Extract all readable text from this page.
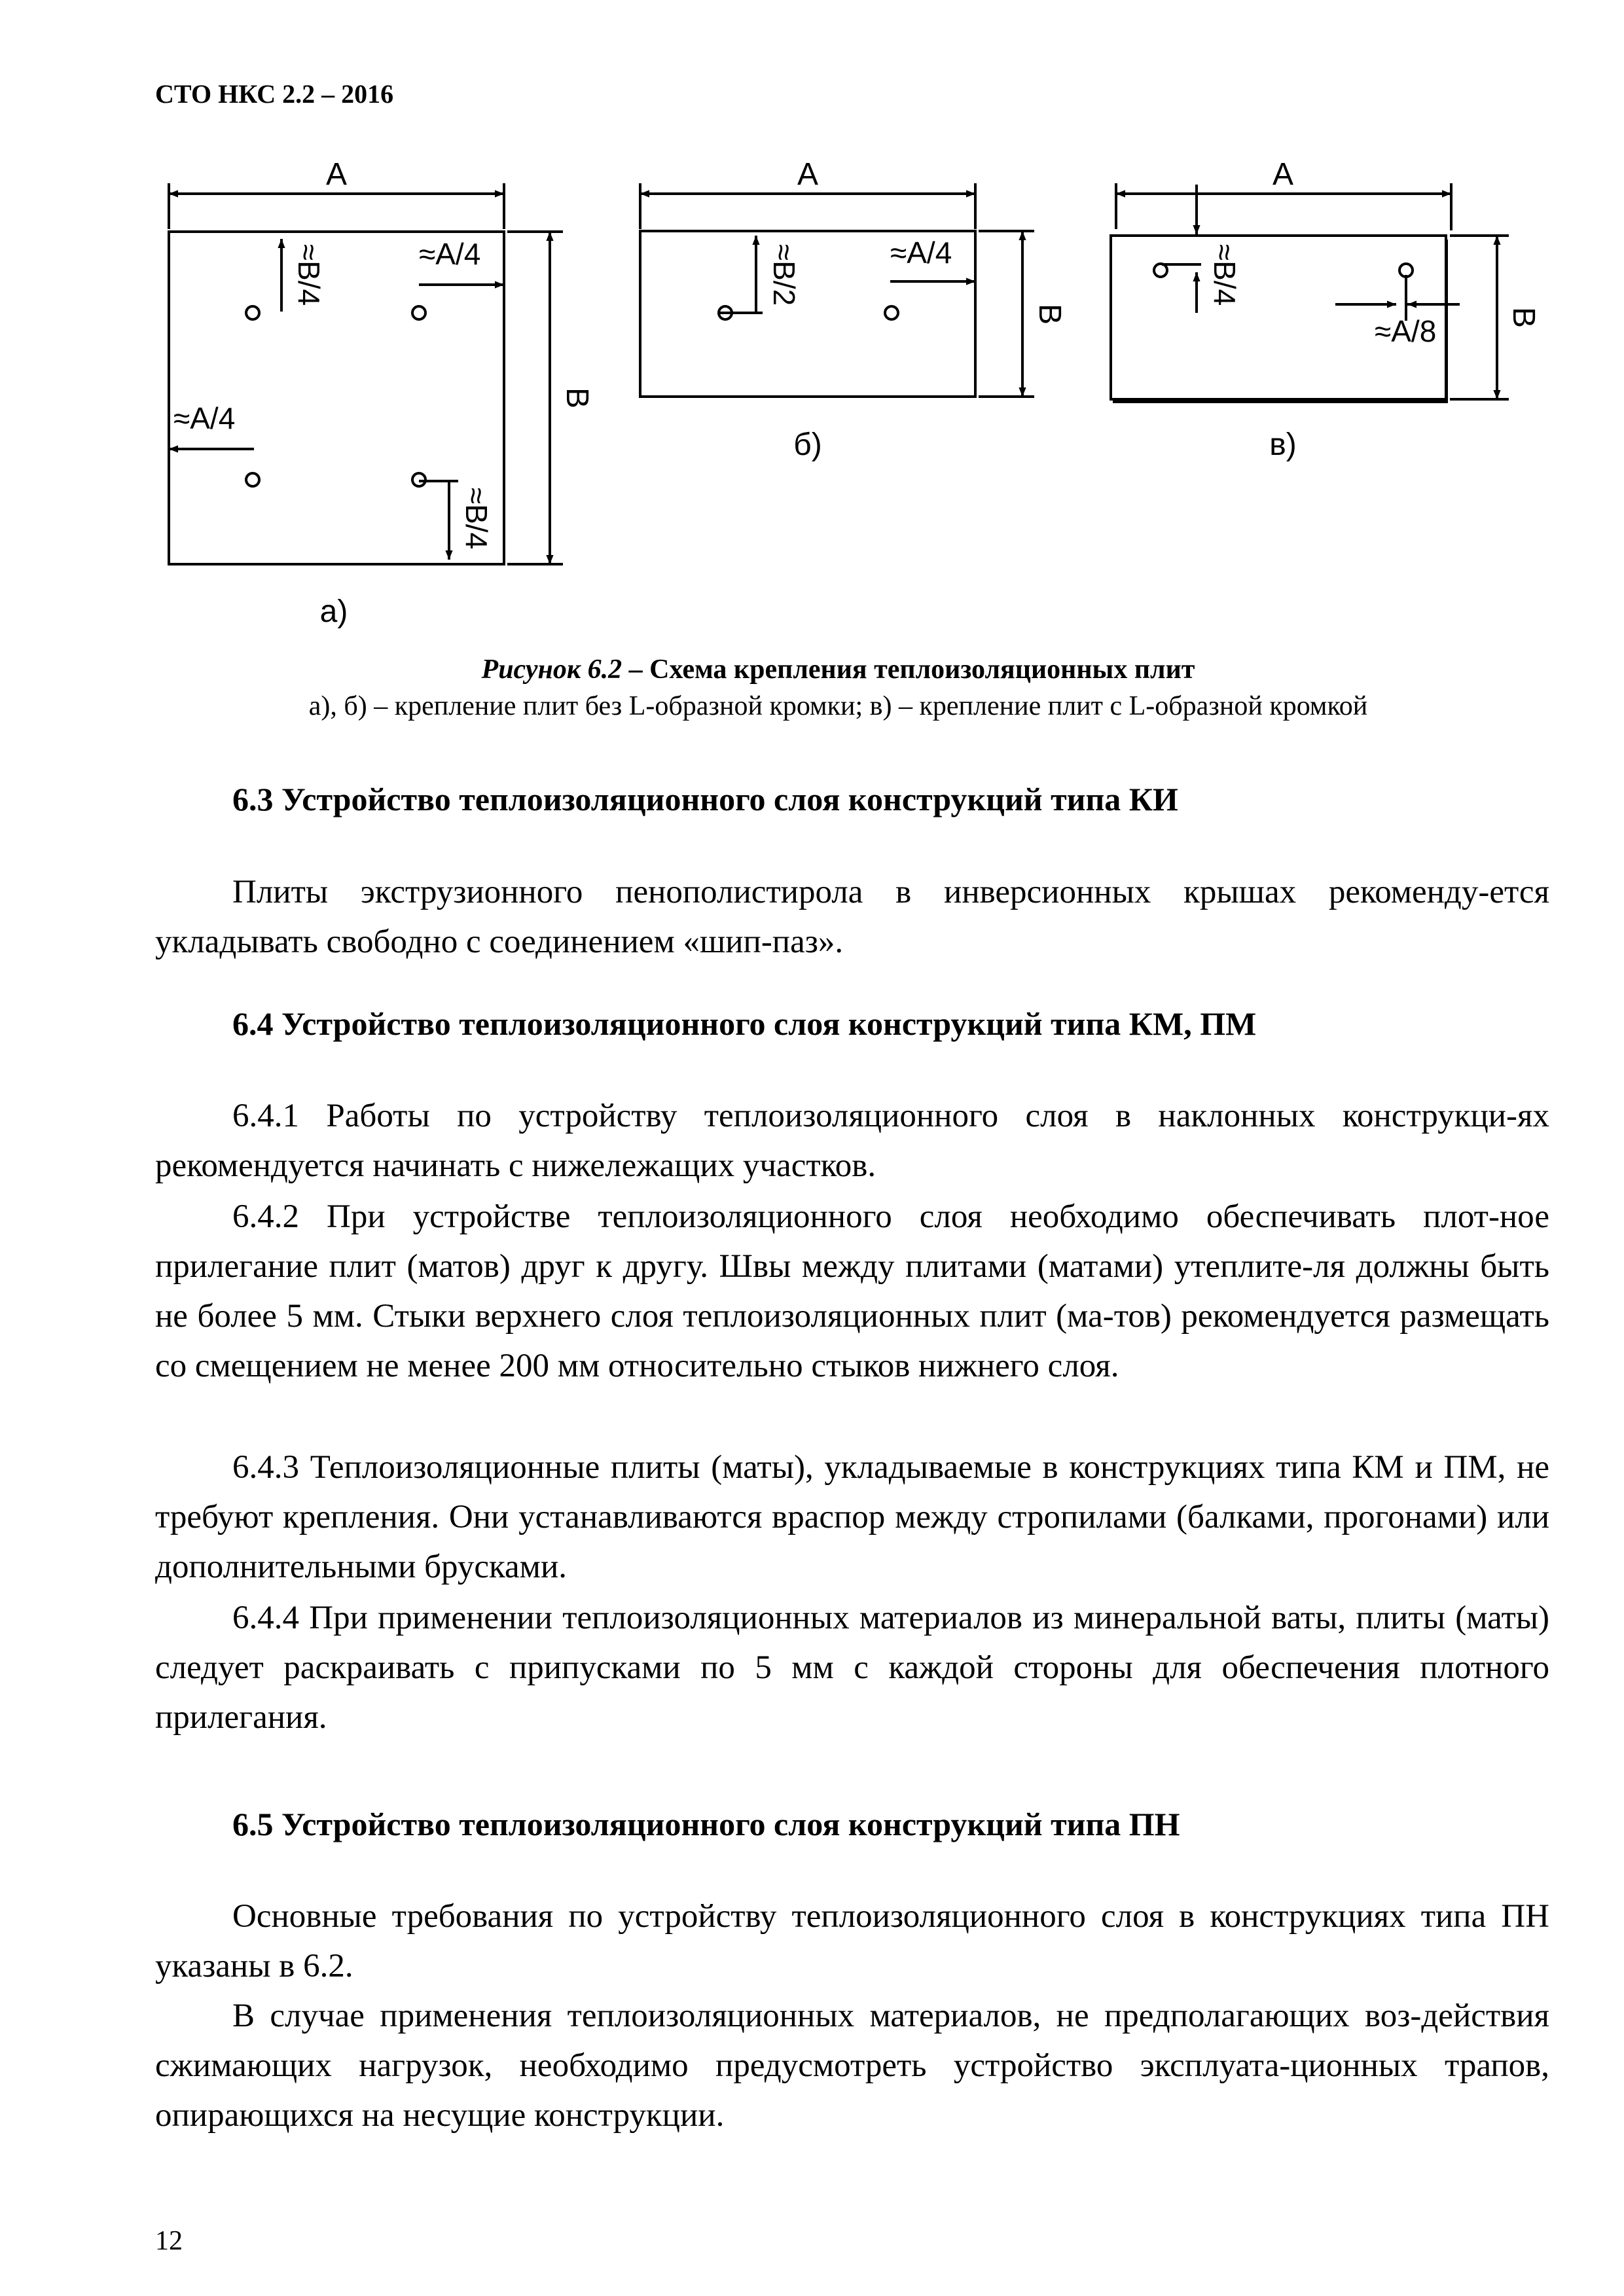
СТО НКС 2.2 – 2016
A	A	A
B
B	B
≈A/4
≈A/4
≈B/4
≈B/4
≈B/2	≈A/4	≈B/4
≈A/8
а)
б)	в)
Рисунок 6.2 – Схема крепления теплоизоляционных плит
а), б) – крепление плит без L-образной кромки; в) – крепление плит с L-образной кромкой
6.3 Устройство теплоизоляционного слоя конструкций типа КИ
Плиты экструзионного пенополистирола в инверсионных крышах рекоменду-ется укладывать свободно с соединением «шип-паз».
6.4 Устройство теплоизоляционного слоя конструкций типа КМ, ПМ
6.4.1 Работы по устройству теплоизоляционного слоя в наклонных конструкци-ях рекомендуется начинать с нижележащих участков.
6.4.2 При устройстве теплоизоляционного слоя необходимо обеспечивать плот-ное прилегание плит (матов) друг к другу. Швы между плитами (матами) утеплите-ля должны быть не более 5 мм. Стыки верхнего слоя теплоизоляционных плит (ма-тов) рекомендуется размещать со смещением не менее 200 мм относительно стыков нижнего слоя.
6.4.3 Теплоизоляционные плиты (маты), укладываемые в конструкциях типа КМ и ПМ, не требуют крепления. Они устанавливаются враспор между стропилами (балками, прогонами) или дополнительными брусками.
6.4.4 При применении теплоизоляционных материалов из минеральной ваты, плиты (маты) следует раскраивать с припусками по 5 мм с каждой стороны для обеспечения плотного прилегания.
6.5 Устройство теплоизоляционного слоя конструкций типа ПН
Основные требования по устройству теплоизоляционного слоя в конструкциях типа ПН указаны в 6.2.
В случае применения теплоизоляционных материалов, не предполагающих воз-действия сжимающих нагрузок, необходимо предусмотреть устройство эксплуата-ционных трапов, опирающихся на несущие конструкции.
12
